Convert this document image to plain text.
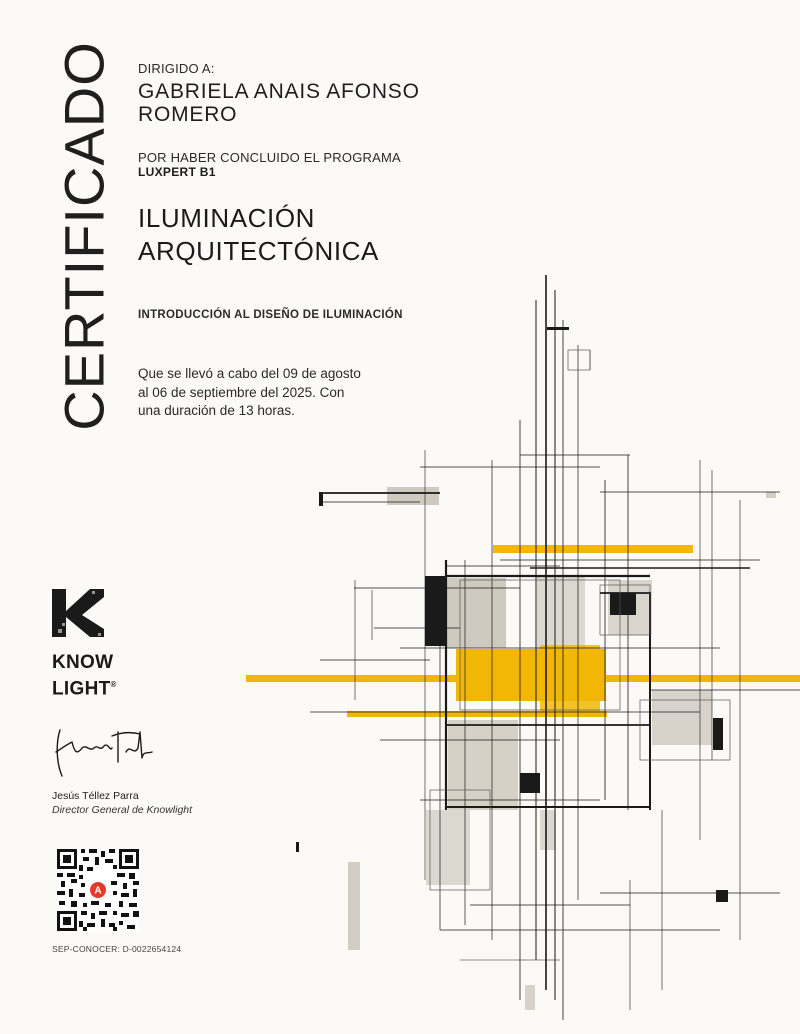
CERTIFICADO DIRIGIDO A:
GABRIELA ANAIS AFONSO
ROMERO
POR HABER CONCLUIDO EL PROGRAMA
LUXPERT B1
ILUMINACIÓN
ARQUITECTÓNICA
INTRODUCCIÓN AL DISEÑO DE ILUMINACIÓN
Que se llevó a cabo del 09 de agosto
al 06 de septiembre del 2025. Con
una duración de 13 horas.
KNOW
LIGHT®
Jesús Téllez Parra
Director General de Knowlight
A
SEP-CONOCER: D-0022654124
